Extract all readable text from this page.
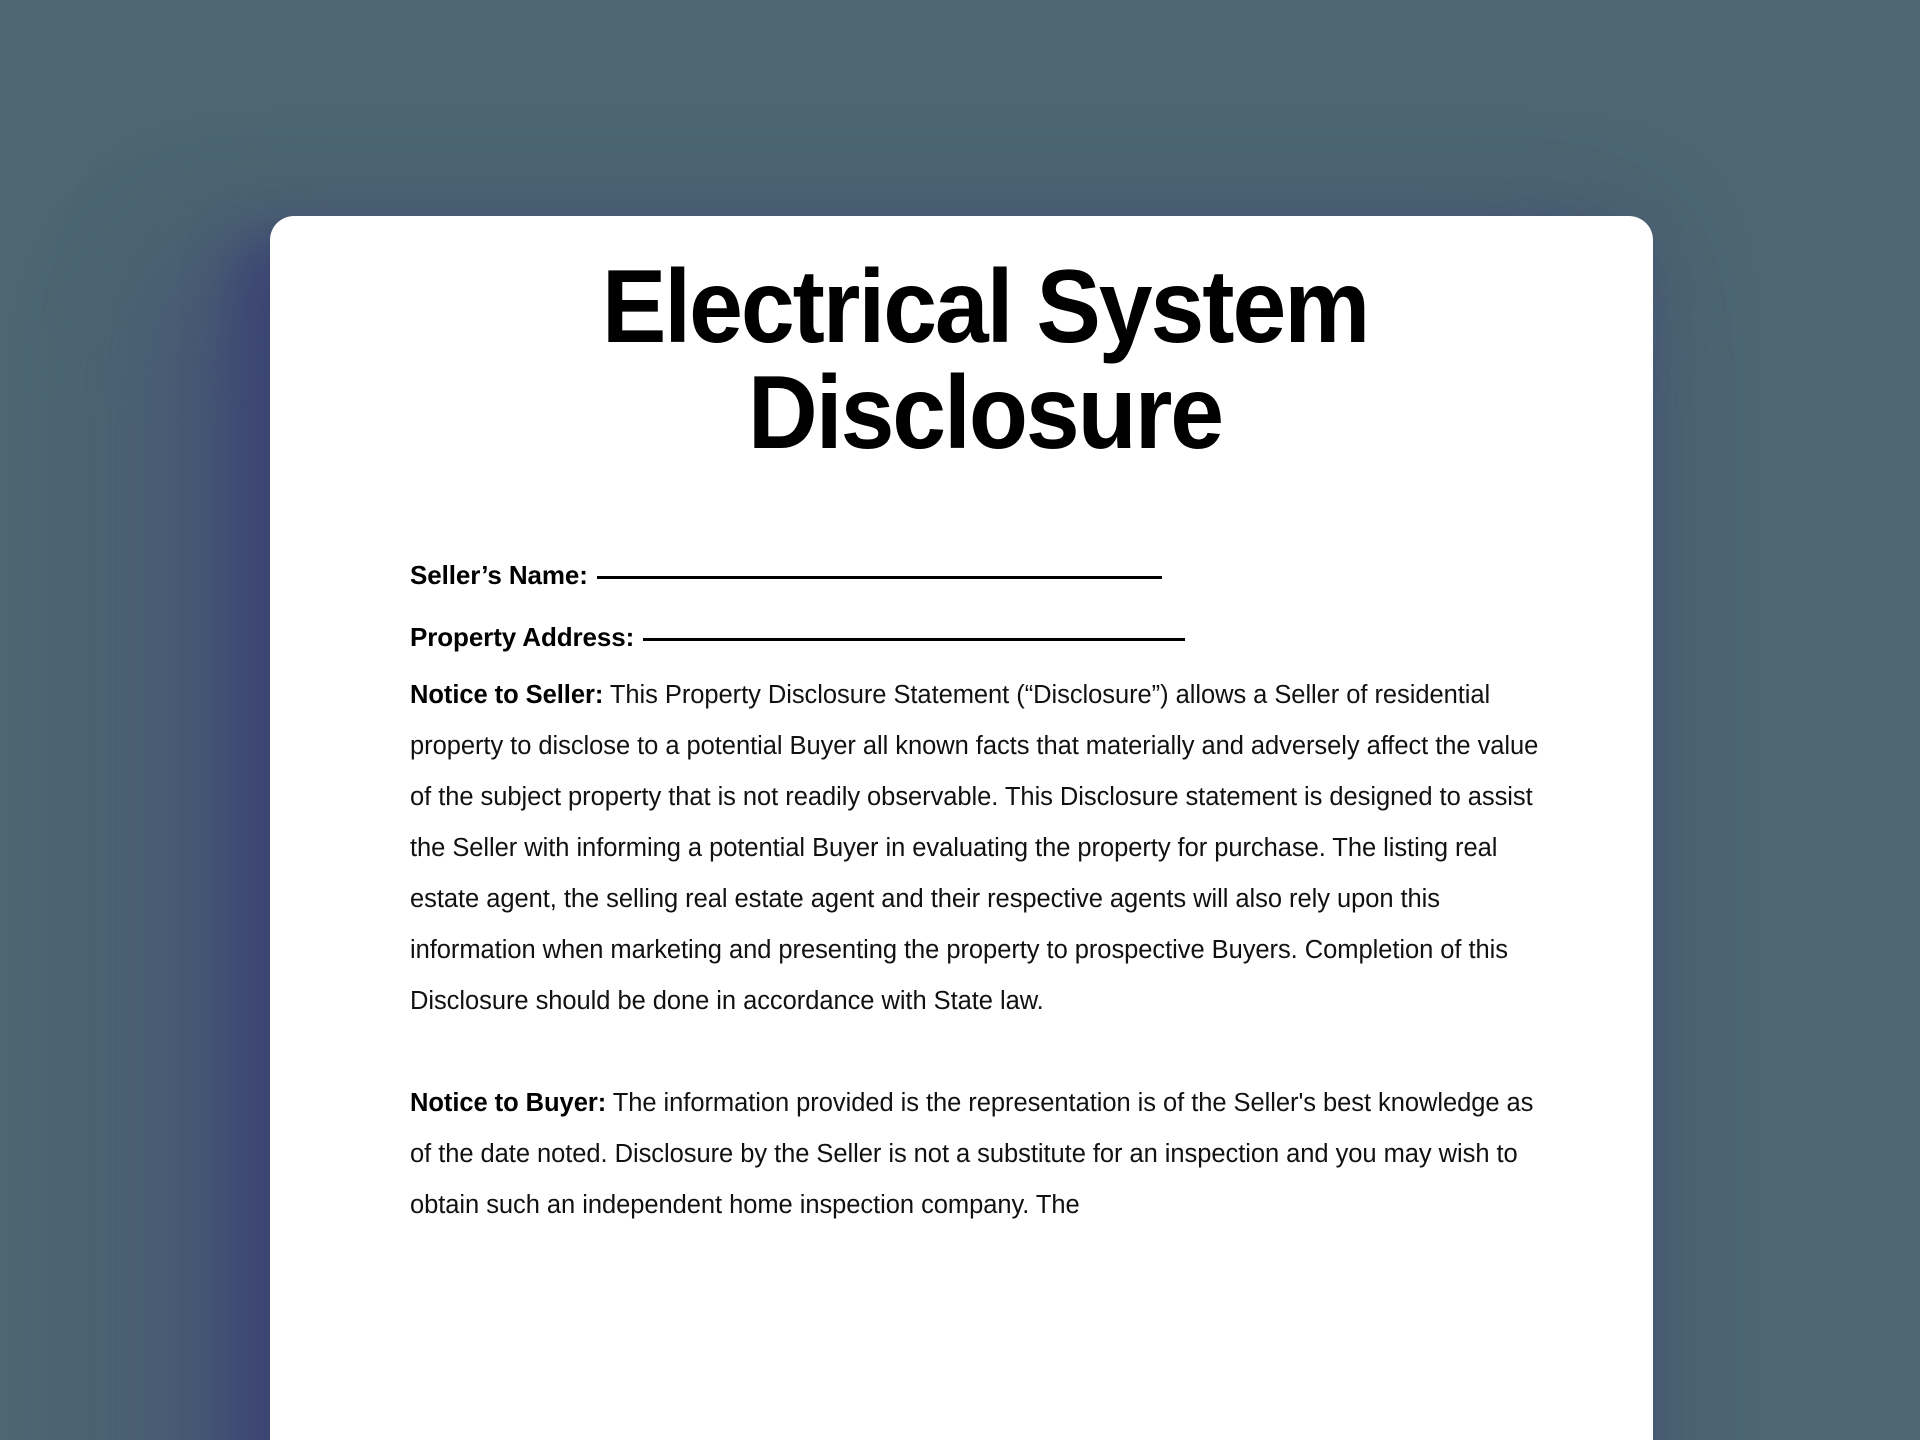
Electrical System Disclosure
Seller’s Name:
Property Address:

Notice to Seller: This Property Disclosure Statement (“Disclosure”) allows a Seller of residential property to disclose to a potential Buyer all known facts that materially and adversely affect the value of the subject property that is not readily observable. This Disclosure statement is designed to assist the Seller with informing a potential Buyer in evaluating the property for purchase. The listing real estate agent, the selling real estate agent and their respective agents will also rely upon this information when marketing and presenting the property to prospective Buyers. Completion of this Disclosure should be done in accordance with State law.

Notice to Buyer: The information provided is the representation is of the Seller's best knowledge as of the date noted. Disclosure by the Seller is not a substitute for an inspection and you may wish to obtain such an independent home inspection company. The
